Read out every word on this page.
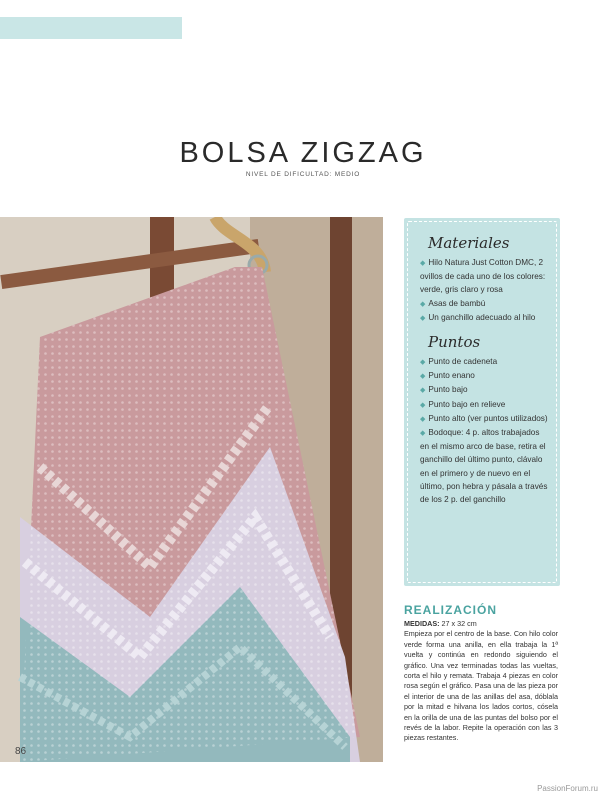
BOLSA ZIGZAG
NIVEL DE DIFICULTAD: MEDIO
Materiales
◆ Hilo Natura Just Cotton DMC, 2 ovillos de cada uno de los colores: verde, gris claro y rosa
◆ Asas de bambú
◆ Un ganchillo adecuado al hilo
Puntos
◆ Punto de cadeneta
◆ Punto enano
◆ Punto bajo
◆ Punto bajo en relieve
◆ Punto alto (ver puntos utilizados)
◆ Bodoque: 4 p. altos trabajados en el mismo arco de base, retira el ganchillo del último punto, clávalo en el primero y de nuevo en el último, pon hebra y pásala a través de los 2 p. del ganchillo
REALIZACIÓN
MEDIDAS: 27 x 32 cm
Empieza por el centro de la base. Con hilo color verde forma una anilla, en ella trabaja la 1ª vuelta y continúa en redondo siguiendo el gráfico. Una vez terminadas todas las vueltas, corta el hilo y remata. Trabaja 4 piezas en color rosa según el gráfico. Pasa una de las pieza por el interior de una de las anillas del asa, dóblala por la mitad e hilvana los lados cortos, cósela en la orilla de una de las puntas del bolso por el revés de la labor. Repite la operación con las 3 piezas restantes.
86
PassionForum.ru
